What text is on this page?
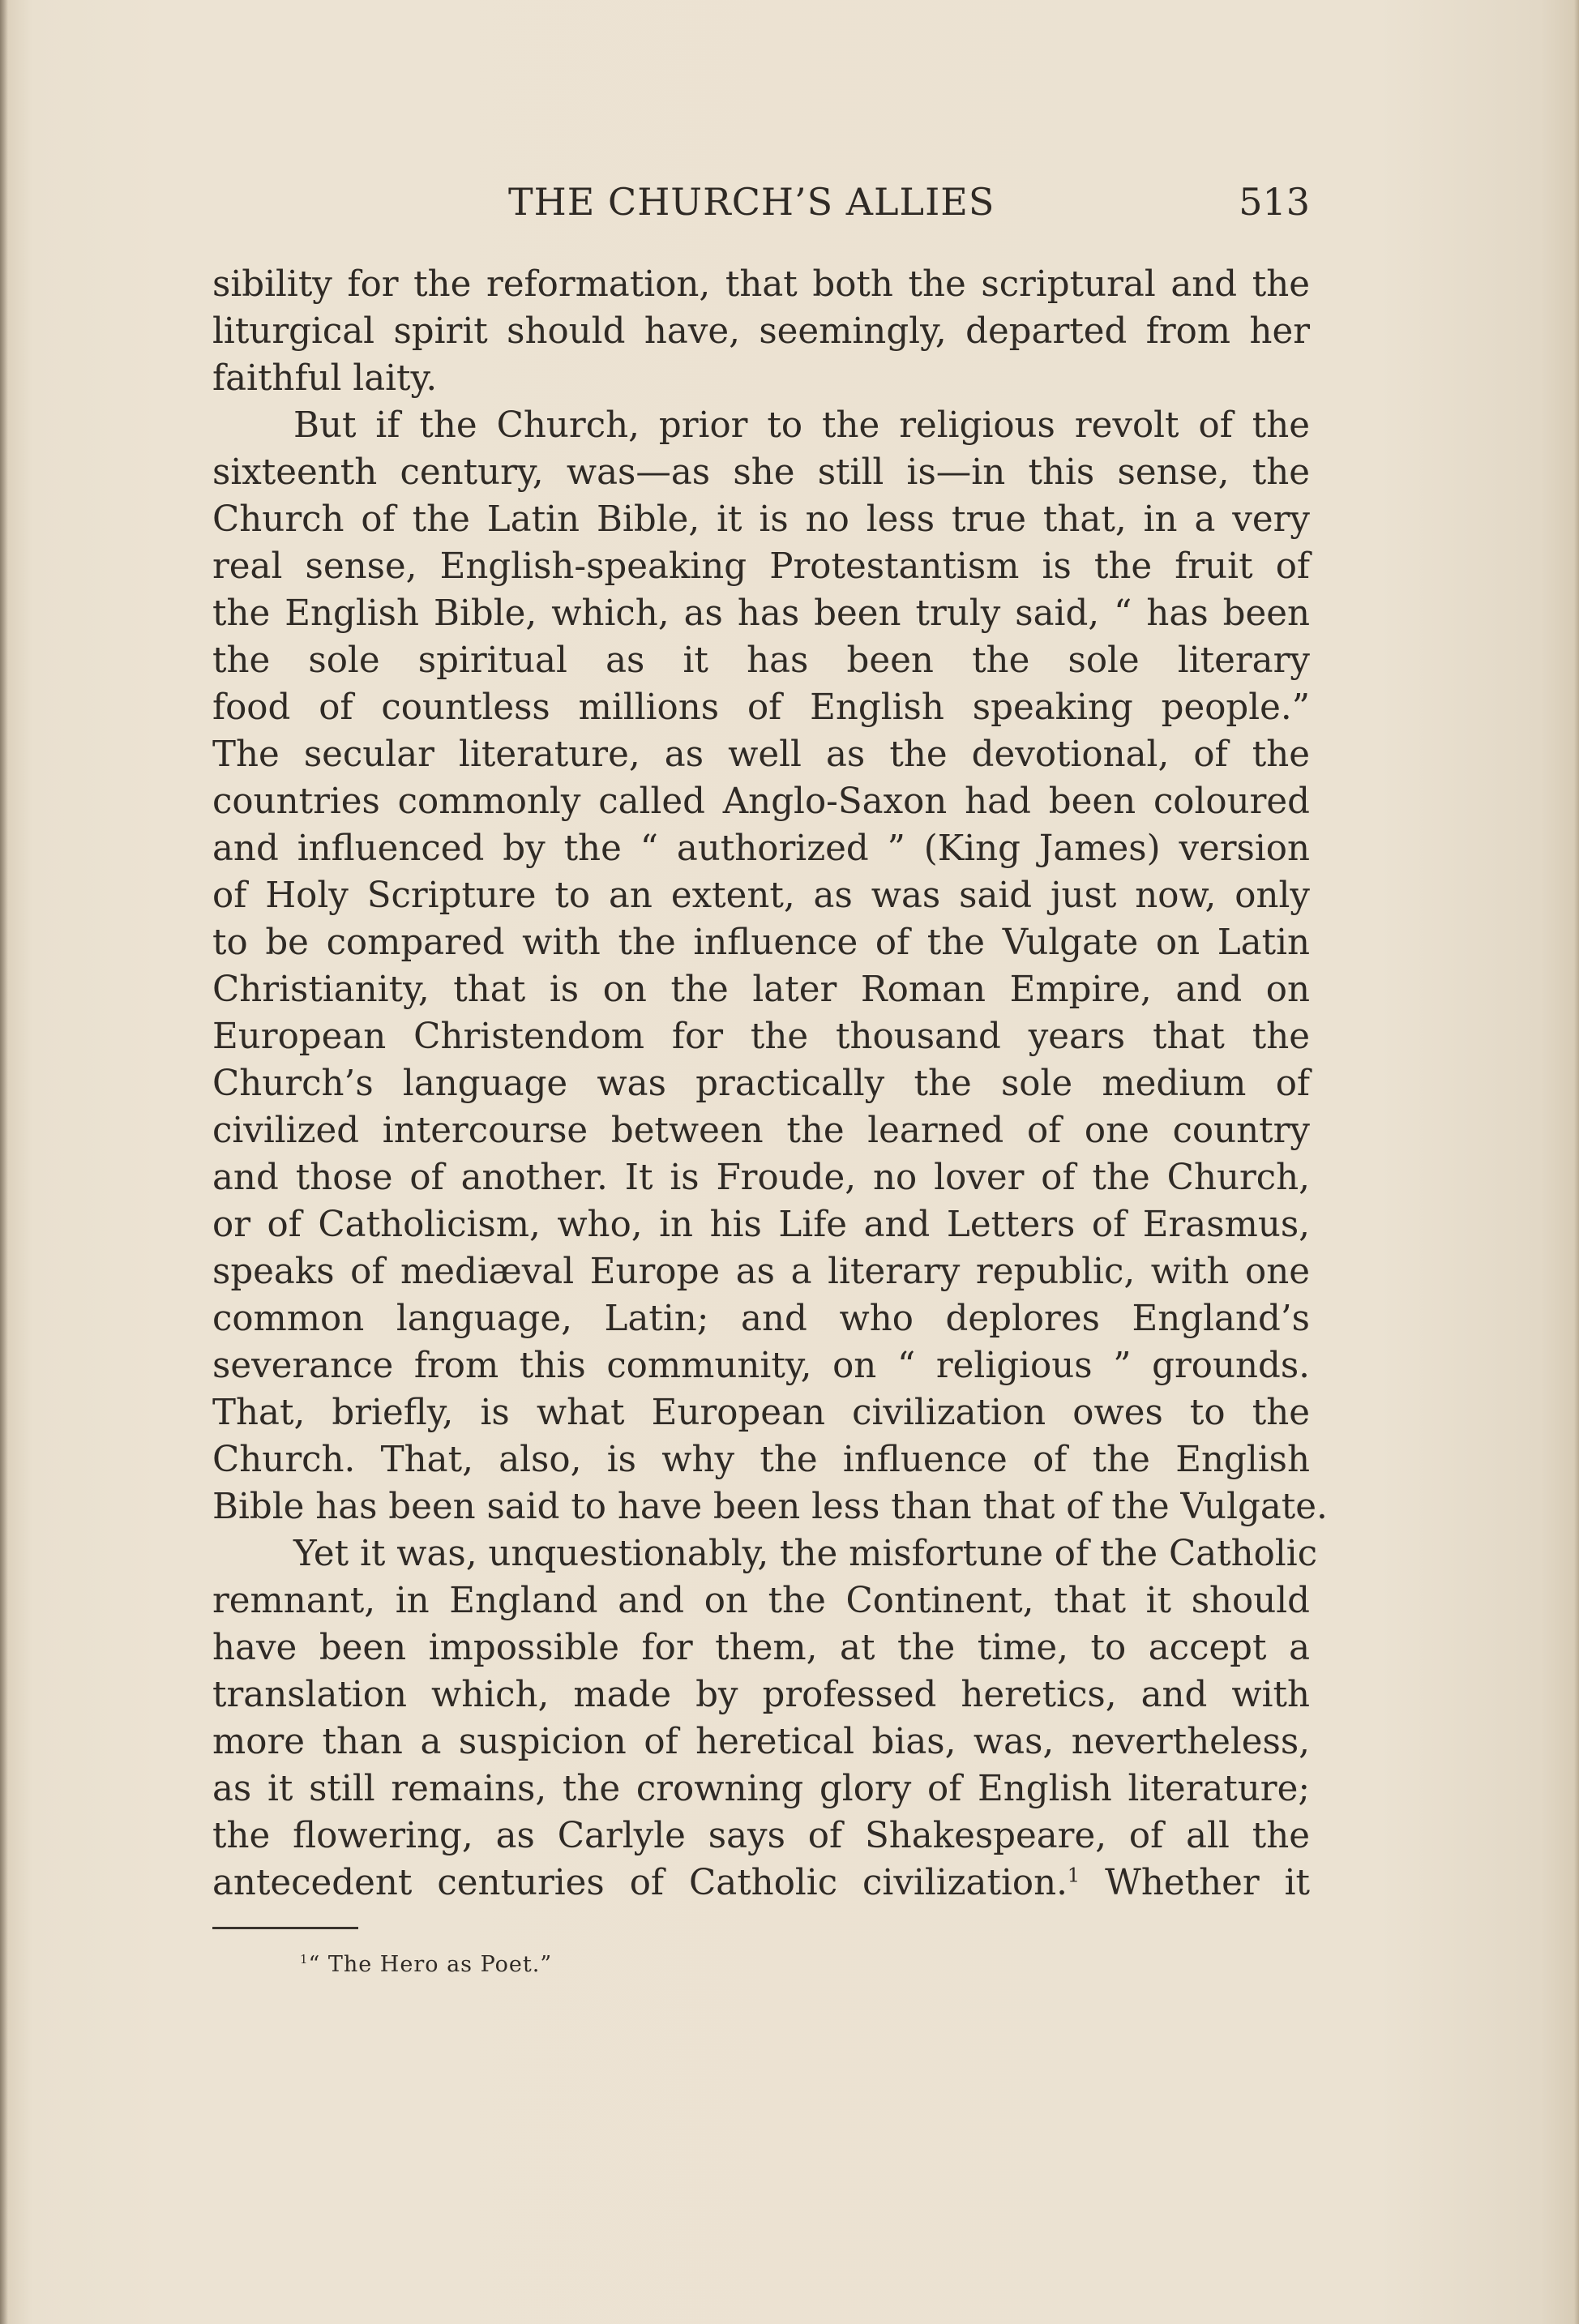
THE CHURCH’S ALLIES	513
sibility for the reformation, that both the scriptural and the
liturgical spirit should have, seemingly, departed from her
faithful laity.
But if the Church, prior to the religious revolt of the
sixteenth century, was—as she still is—in this sense, the
Church of the Latin Bible, it is no less true that, in a very
real sense, English-speaking Protestantism is the fruit of
the English Bible, which, as has been truly said, “ has been
the sole spiritual as it has been the sole literary
food of countless millions of English speaking people.”
The secular literature, as well as the devotional, of the
countries commonly called Anglo-Saxon had been coloured
and influenced by the “ authorized ” (King James) version
of Holy Scripture to an extent, as was said just now, only
to be compared with the influence of the Vulgate on Latin
Christianity, that is on the later Roman Empire, and on
European Christendom for the thousand years that the
Church’s language was practically the sole medium of
civilized intercourse between the learned of one country
and those of another. It is Froude, no lover of the Church,
or of Catholicism, who, in his Life and Letters of Erasmus,
speaks of mediæval Europe as a literary republic, with one
common language, Latin; and who deplores England’s
severance from this community, on “ religious ” grounds.
That, briefly, is what European civilization owes to the
Church. That, also, is why the influence of the English
Bible has been said to have been less than that of the Vulgate.
Yet it was, unquestionably, the misfortune of the Catholic
remnant, in England and on the Continent, that it should
have been impossible for them, at the time, to accept a
translation which, made by professed heretics, and with
more than a suspicion of heretical bias, was, nevertheless,
as it still remains, the crowning glory of English literature;
the flowering, as Carlyle says of Shakespeare, of all the
antecedent centuries of Catholic civilization.$^1$ Whether it
$^1$“ The Hero as Poet.”
